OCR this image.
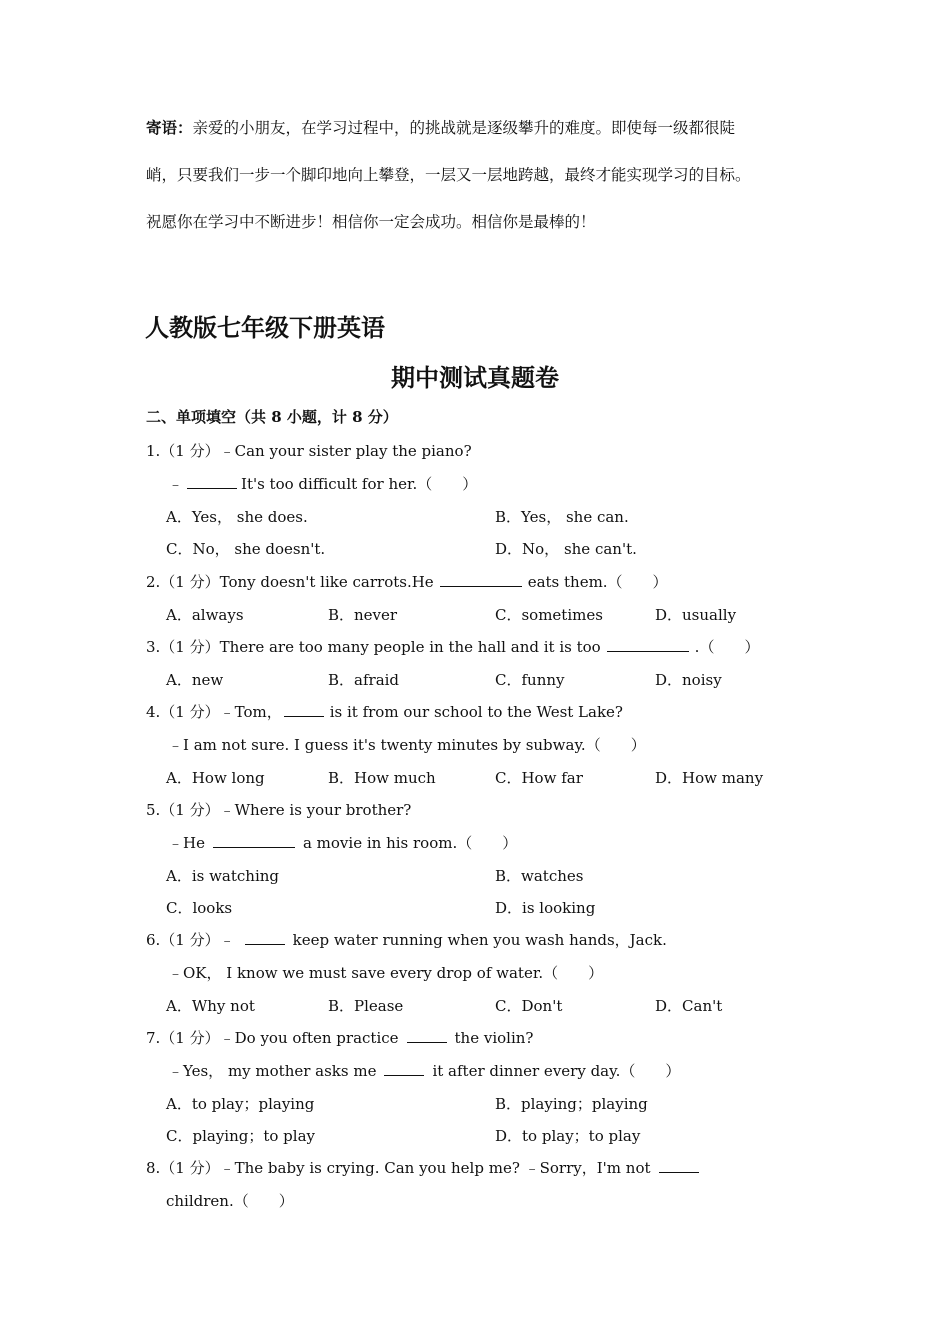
寄语：亲爱的小朋友，在学习过程中，的挑战就是逐级攀升的难度。即使每一级都很陡
峭，只要我们一步一个脚印地向上攀登，一层又一层地跨越，最终才能实现学习的目标。
祝愿你在学习中不断进步！相信你一定会成功。相信你是最棒的！
人教版七年级下册英语
期中测试真题卷
二、单项填空（共 8 小题，计 8 分）
1.（1 分）﹣Can your sister play the piano?
﹣	It's too difficult for her.（　　）
A．Yes， she does.	B．Yes， she can.
C．No， she doesn't.	D．No， she can't.
2.（1 分）Tony doesn't like carrots.He	eats them.（　　）
A．always	B．never	C．sometimes	D．usually
3.（1 分）There are too many people in the hall and it is too	.（　　）
A．new	B．afraid	C．funny	D．noisy
4.（1 分）﹣Tom，	is it from our school to the West Lake?
﹣I am not sure. I guess it's twenty minutes by subway.（　　）
A．How long	B．How much	C．How far	D．How many
5.（1 分）﹣Where is your brother?
﹣He	a movie in his room.（　　）
A．is watching	B．watches
C．looks	D．is looking
6.（1 分）﹣	keep water running when you wash hands，Jack.
﹣OK， I know we must save every drop of water.（　　）
A．Why not	B．Please	C．Don't	D．Can't
7.（1 分）﹣Do you often practice	the violin?
﹣Yes， my mother asks me	it after dinner every day.（　　）
A．to play；playing	B．playing；playing
C．playing；to play	D．to play；to play
8.（1 分）﹣The baby is crying. Can you help me? ﹣Sorry，I'm not
children.（　　）
